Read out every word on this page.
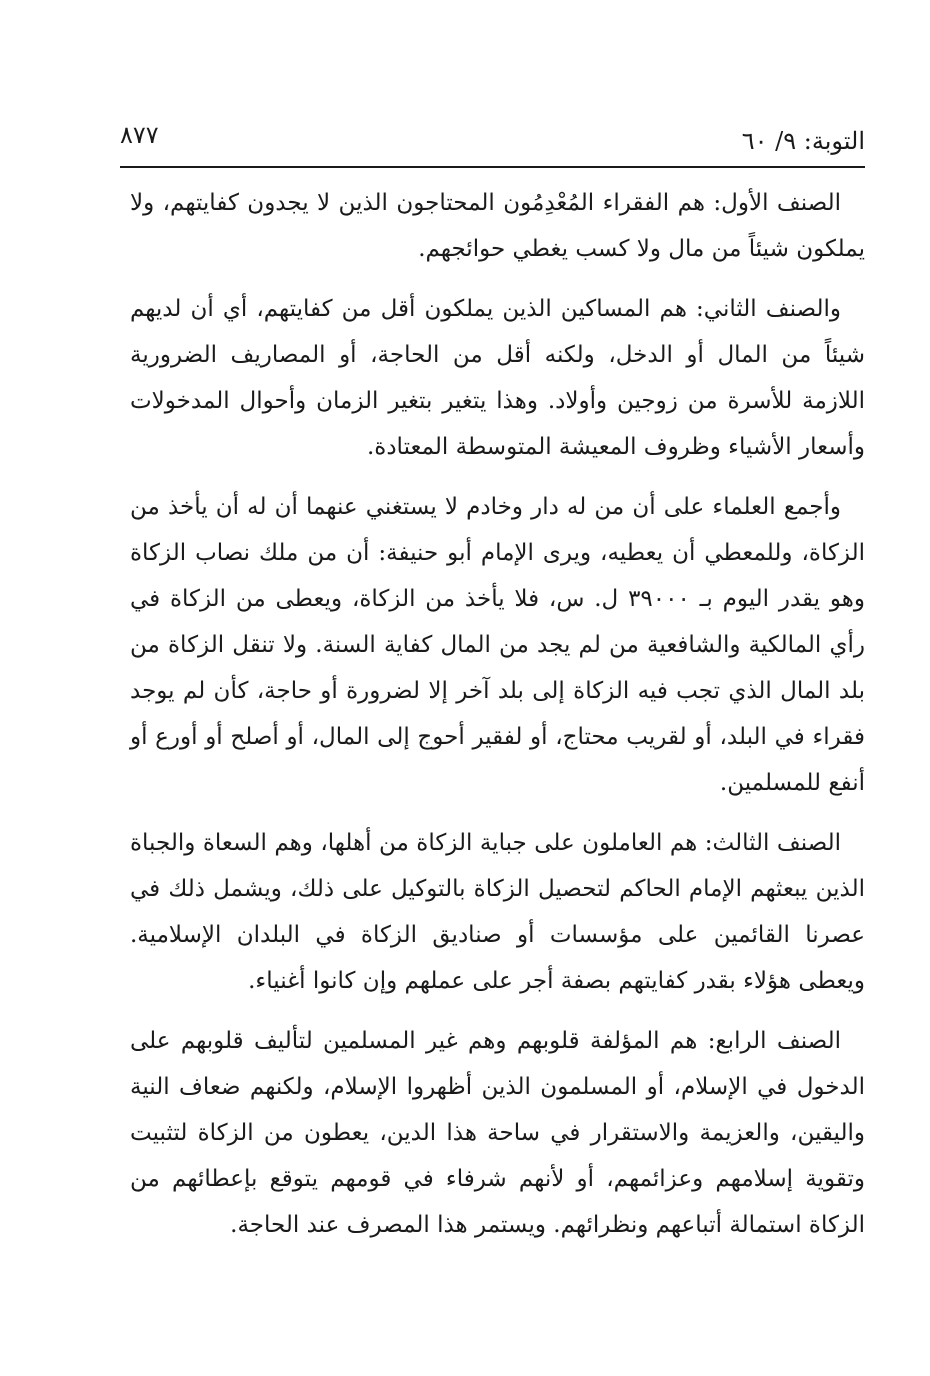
٨٧٧	التوبة: ٩/ ٦٠

الصنف الأول: هم الفقراء المُعْدِمُون المحتاجون الذين لا يجدون كفايتهم، ولا يملكون شيئاً من مال ولا كسب يغطي حوائجهم.

والصنف الثاني: هم المساكين الذين يملكون أقل من كفايتهم، أي أن لديهم شيئاً من المال أو الدخل، ولكنه أقل من الحاجة، أو المصاريف الضرورية اللازمة للأسرة من زوجين وأولاد. وهذا يتغير بتغير الزمان وأحوال المدخولات وأسعار الأشياء وظروف المعيشة المتوسطة المعتادة.

وأجمع العلماء على أن من له دار وخادم لا يستغني عنهما أن له أن يأخذ من الزكاة، وللمعطي أن يعطيه، ويرى الإمام أبو حنيفة: أن من ملك نصاب الزكاة وهو يقدر اليوم بـ ٣٩٠٠٠ ل. س، فلا يأخذ من الزكاة، ويعطى من الزكاة في رأي المالكية والشافعية من لم يجد من المال كفاية السنة. ولا تنقل الزكاة من بلد المال الذي تجب فيه الزكاة إلى بلد آخر إلا لضرورة أو حاجة، كأن لم يوجد فقراء في البلد، أو لقريب محتاج، أو لفقير أحوج إلى المال، أو أصلح أو أورع أو أنفع للمسلمين.

الصنف الثالث: هم العاملون على جباية الزكاة من أهلها، وهم السعاة والجباة الذين يبعثهم الإمام الحاكم لتحصيل الزكاة بالتوكيل على ذلك، ويشمل ذلك في عصرنا القائمين على مؤسسات أو صناديق الزكاة في البلدان الإسلامية. ويعطى هؤلاء بقدر كفايتهم بصفة أجر على عملهم وإن كانوا أغنياء.

الصنف الرابع: هم المؤلفة قلوبهم وهم غير المسلمين لتأليف قلوبهم على الدخول في الإسلام، أو المسلمون الذين أظهروا الإسلام، ولكنهم ضعاف النية واليقين، والعزيمة والاستقرار في ساحة هذا الدين، يعطون من الزكاة لتثبيت وتقوية إسلامهم وعزائمهم، أو لأنهم شرفاء في قومهم يتوقع بإعطائهم من الزكاة استمالة أتباعهم ونظرائهم. ويستمر هذا المصرف عند الحاجة.
